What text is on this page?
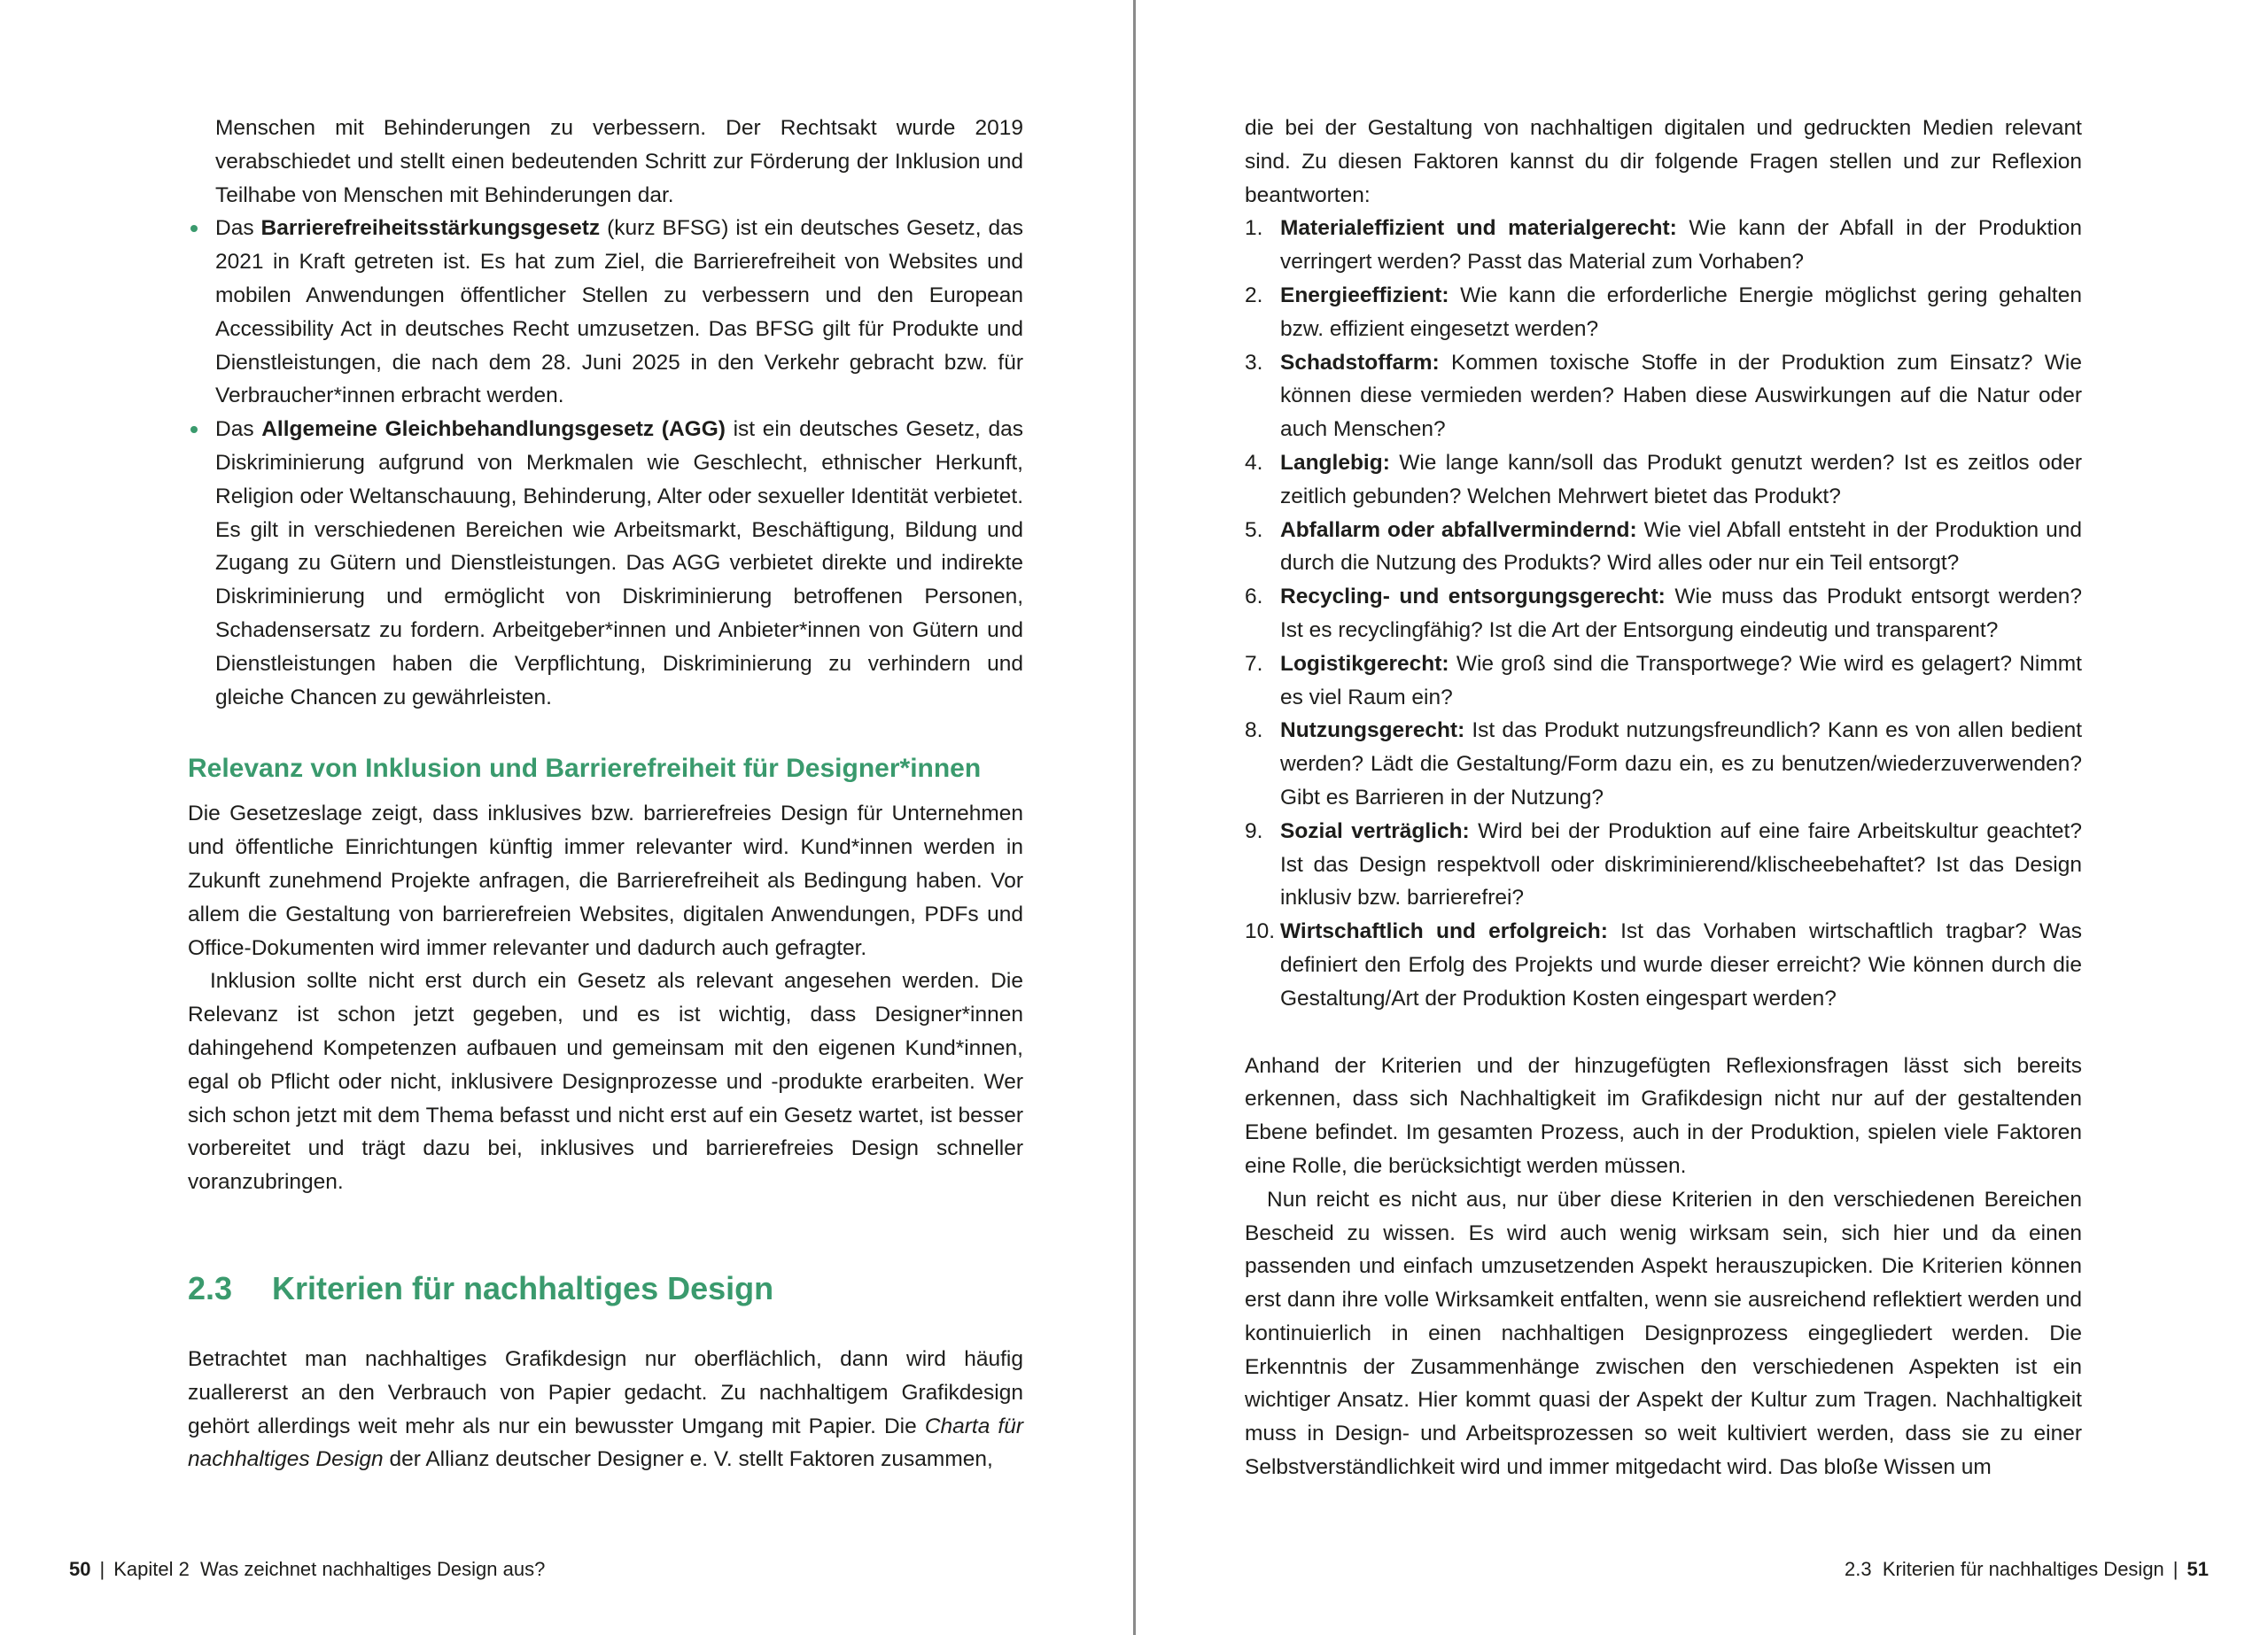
Menschen mit Behinderungen zu verbessern. Der Rechtsakt wurde 2019 verabschiedet und stellt einen bedeutenden Schritt zur Förderung der Inklusion und Teilhabe von Menschen mit Behinderungen dar.

Das Barrierefreiheitsstärkungsgesetz (kurz BFSG) ist ein deutsches Gesetz, das 2021 in Kraft getreten ist. Es hat zum Ziel, die Barrierefreiheit von Websites und mobilen Anwendungen öffentlicher Stellen zu verbessern und den European Accessibility Act in deutsches Recht umzusetzen. Das BFSG gilt für Produkte und Dienstleistungen, die nach dem 28. Juni 2025 in den Verkehr gebracht bzw. für Verbraucher*innen erbracht werden.
Das Allgemeine Gleichbehandlungsgesetz (AGG) ist ein deutsches Gesetz, das Diskriminierung aufgrund von Merkmalen wie Geschlecht, ethnischer Herkunft, Religion oder Weltanschauung, Behinderung, Alter oder sexueller Identität verbietet. Es gilt in verschiedenen Bereichen wie Arbeitsmarkt, Beschäftigung, Bildung und Zugang zu Gütern und Dienstleistungen. Das AGG verbietet direkte und indirekte Diskriminierung und ermöglicht von Diskriminierung betroffenen Personen, Schadensersatz zu fordern. Arbeitgeber*innen und Anbieter*innen von Gütern und Dienstleistungen haben die Verpflichtung, Diskriminierung zu verhindern und gleiche Chancen zu gewährleisten.
Relevanz von Inklusion und Barrierefreiheit für Designer*innen

Die Gesetzeslage zeigt, dass inklusives bzw. barrierefreies Design für Unternehmen und öffentliche Einrichtungen künftig immer relevanter wird. Kund*innen werden in Zukunft zunehmend Projekte anfragen, die Barrierefreiheit als Bedingung haben. Vor allem die Gestaltung von barrierefreien Websites, digitalen Anwendungen, PDFs und Office-Dokumenten wird immer relevanter und dadurch auch gefragter.

Inklusion sollte nicht erst durch ein Gesetz als relevant angesehen werden. Die Relevanz ist schon jetzt gegeben, und es ist wichtig, dass Designer*innen dahingehend Kompetenzen aufbauen und gemeinsam mit den eigenen Kund*innen, egal ob Pflicht oder nicht, inklusivere Designprozesse und -produkte erarbeiten. Wer sich schon jetzt mit dem Thema befasst und nicht erst auf ein Gesetz wartet, ist besser vorbereitet und trägt dazu bei, inklusives und barrierefreies Design schneller voranzubringen.

2.3 Kriterien für nachhaltiges Design

Betrachtet man nachhaltiges Grafikdesign nur oberflächlich, dann wird häufig zuallererst an den Verbrauch von Papier gedacht. Zu nachhaltigem Grafikdesign gehört allerdings weit mehr als nur ein bewusster Umgang mit Papier. Die Charta für nachhaltiges Design der Allianz deutscher Designer e. V. stellt Faktoren zusammen,

50 | Kapitel 2  Was zeichnet nachhaltiges Design aus?

die bei der Gestaltung von nachhaltigen digitalen und gedruckten Medien relevant sind. Zu diesen Faktoren kannst du dir folgende Fragen stellen und zur Reflexion beantworten:

1. Materialeffizient und materialgerecht: Wie kann der Abfall in der Produktion verringert werden? Passt das Material zum Vorhaben?
2. Energieeffizient: Wie kann die erforderliche Energie möglichst gering gehalten bzw. effizient eingesetzt werden?
3. Schadstoffarm: Kommen toxische Stoffe in der Produktion zum Einsatz? Wie können diese vermieden werden? Haben diese Auswirkungen auf die Natur oder auch Menschen?
4. Langlebig: Wie lange kann/soll das Produkt genutzt werden? Ist es zeitlos oder zeitlich gebunden? Welchen Mehrwert bietet das Produkt?
5. Abfallarm oder abfallvermindernd: Wie viel Abfall entsteht in der Produktion und durch die Nutzung des Produkts? Wird alles oder nur ein Teil entsorgt?
6. Recycling- und entsorgungsgerecht: Wie muss das Produkt entsorgt werden? Ist es recyclingfähig? Ist die Art der Entsorgung eindeutig und transparent?
7. Logistikgerecht: Wie groß sind die Transportwege? Wie wird es gelagert? Nimmt es viel Raum ein?
8. Nutzungsgerecht: Ist das Produkt nutzungsfreundlich? Kann es von allen bedient werden? Lädt die Gestaltung/Form dazu ein, es zu benutzen/wiederzuverwenden? Gibt es Barrieren in der Nutzung?
9. Sozial verträglich: Wird bei der Produktion auf eine faire Arbeitskultur geachtet? Ist das Design respektvoll oder diskriminierend/klischeebehaftet? Ist das Design inklusiv bzw. barrierefrei?
10. Wirtschaftlich und erfolgreich: Ist das Vorhaben wirtschaftlich tragbar? Was definiert den Erfolg des Projekts und wurde dieser erreicht? Wie können durch die Gestaltung/Art der Produktion Kosten eingespart werden?

Anhand der Kriterien und der hinzugefügten Reflexionsfragen lässt sich bereits erkennen, dass sich Nachhaltigkeit im Grafikdesign nicht nur auf der gestaltenden Ebene befindet. Im gesamten Prozess, auch in der Produktion, spielen viele Faktoren eine Rolle, die berücksichtigt werden müssen.

Nun reicht es nicht aus, nur über diese Kriterien in den verschiedenen Bereichen Bescheid zu wissen. Es wird auch wenig wirksam sein, sich hier und da einen passenden und einfach umzusetzenden Aspekt herauszupicken. Die Kriterien können erst dann ihre volle Wirksamkeit entfalten, wenn sie ausreichend reflektiert werden und kontinuierlich in einen nachhaltigen Designprozess eingegliedert werden. Die Erkenntnis der Zusammenhänge zwischen den verschiedenen Aspekten ist ein wichtiger Ansatz. Hier kommt quasi der Aspekt der Kultur zum Tragen. Nachhaltigkeit muss in Design- und Arbeitsprozessen so weit kultiviert werden, dass sie zu einer Selbstverständlichkeit wird und immer mitgedacht wird. Das bloße Wissen um

2.3  Kriterien für nachhaltiges Design | 51
